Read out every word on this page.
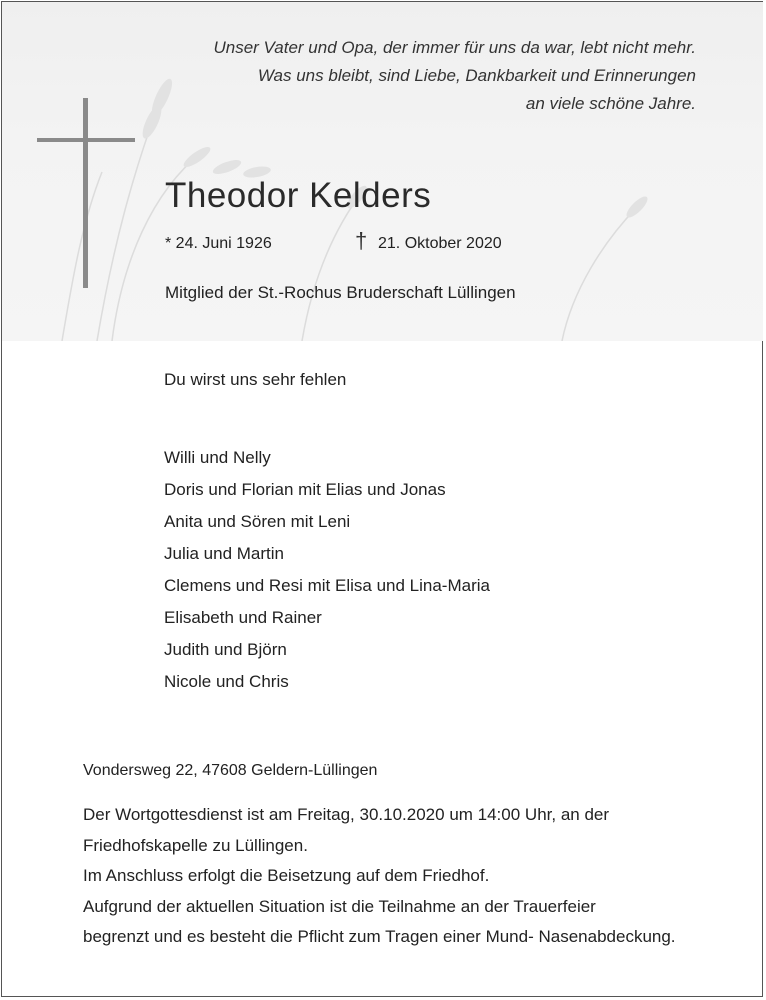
Unser Vater und Opa, der immer für uns da war, lebt nicht mehr.
Was uns bleibt, sind Liebe, Dankbarkeit und Erinnerungen
an viele schöne Jahre.
Theodor Kelders
* 24. Juni 1926	† 21. Oktober 2020
Mitglied der St.-Rochus Bruderschaft Lüllingen
Du wirst uns sehr fehlen
Willi und Nelly
Doris und Florian mit Elias und Jonas
Anita und Sören mit Leni
Julia und Martin
Clemens und Resi mit Elisa und Lina-Maria
Elisabeth und Rainer
Judith und Björn
Nicole und Chris
Vondersweg 22, 47608 Geldern-Lüllingen
Der Wortgottesdienst ist am Freitag, 30.10.2020 um 14:00 Uhr, an der
Friedhofskapelle zu Lüllingen.
Im Anschluss erfolgt die Beisetzung auf dem Friedhof.
Aufgrund der aktuellen Situation ist die Teilnahme an der Trauerfeier
begrenzt und es besteht die Pflicht zum Tragen einer Mund- Nasenabdeckung.
